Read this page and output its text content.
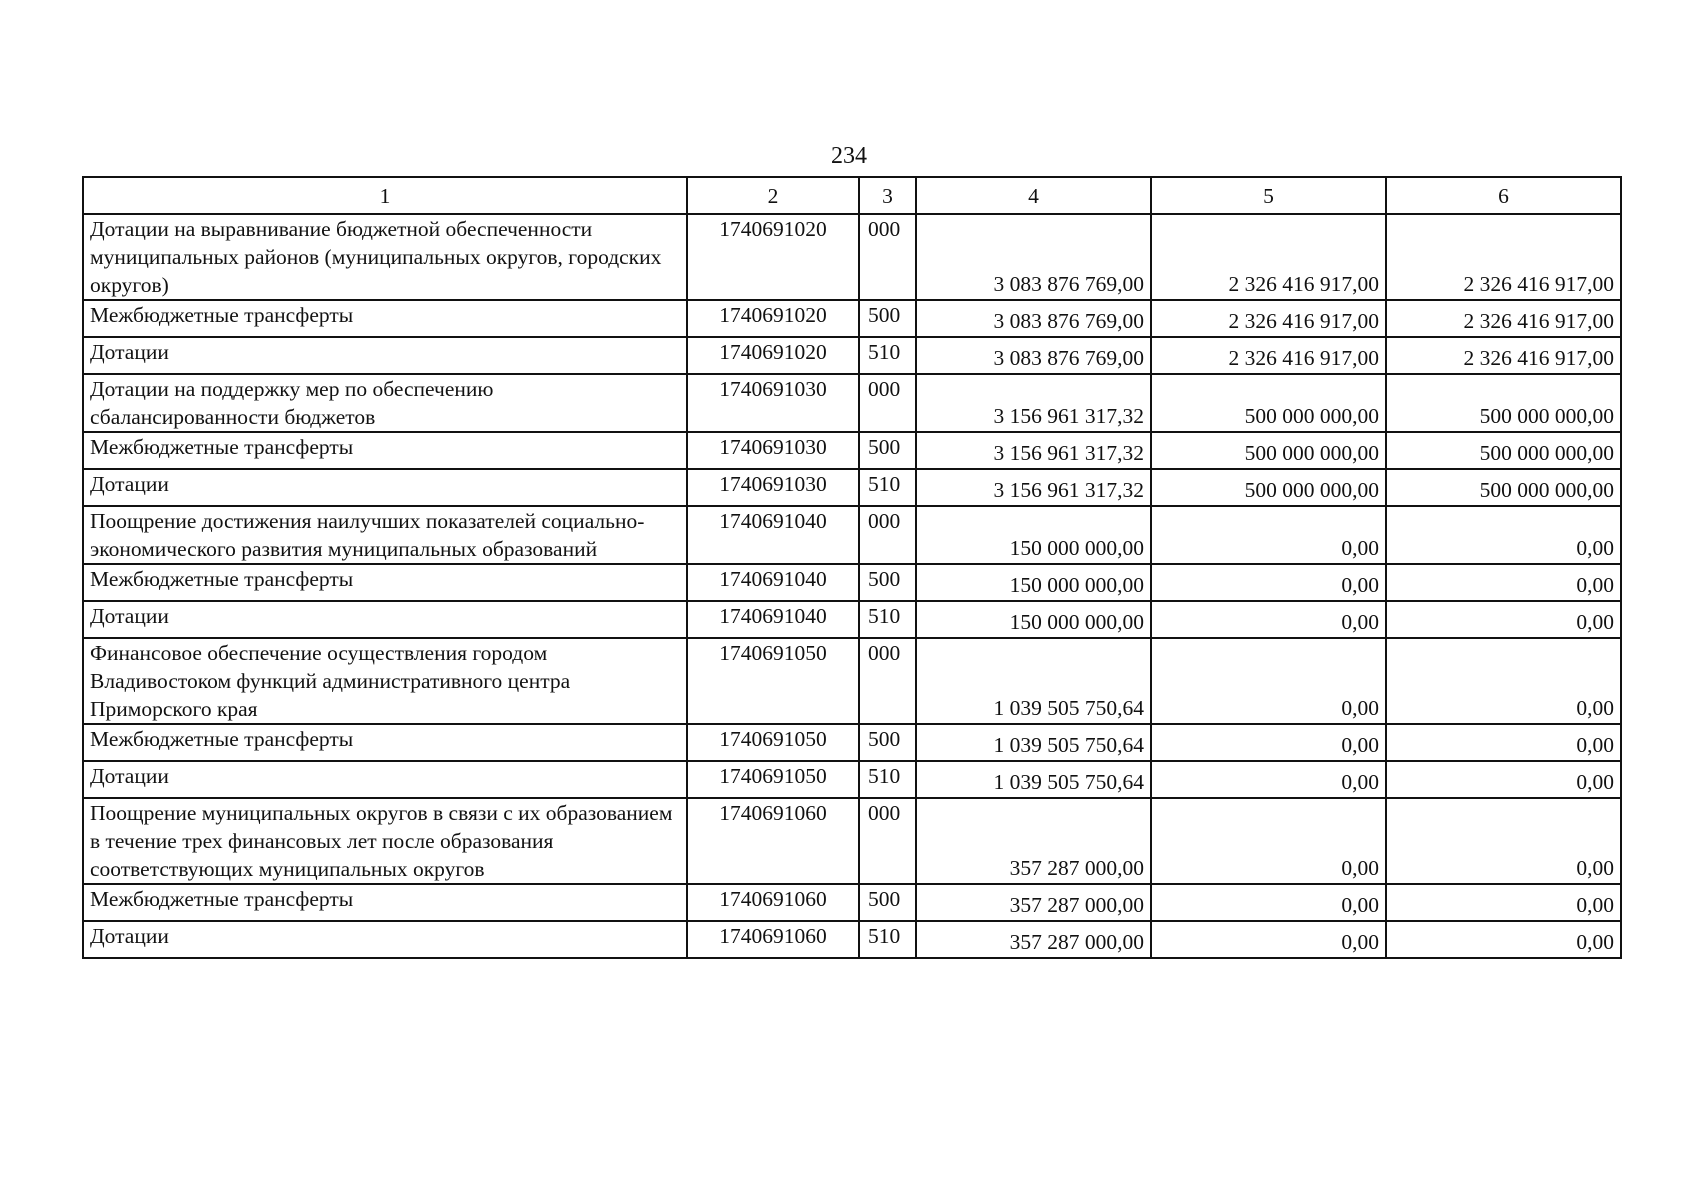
234
1	2	3	4	5	6
Дотации на выравнивание бюджетной обеспеченности муниципальных районов (муниципальных округов, городских округов)	1740691020	000	3 083 876 769,00	2 326 416 917,00	2 326 416 917,00
Межбюджетные трансферты	1740691020	500	3 083 876 769,00	2 326 416 917,00	2 326 416 917,00
Дотации	1740691020	510	3 083 876 769,00	2 326 416 917,00	2 326 416 917,00
Дотации на поддержку мер по обеспечению сбалансированности бюджетов	1740691030	000	3 156 961 317,32	500 000 000,00	500 000 000,00
Межбюджетные трансферты	1740691030	500	3 156 961 317,32	500 000 000,00	500 000 000,00
Дотации	1740691030	510	3 156 961 317,32	500 000 000,00	500 000 000,00
Поощрение достижения наилучших показателей социально-экономического развития муниципальных образований	1740691040	000	150 000 000,00	0,00	0,00
Межбюджетные трансферты	1740691040	500	150 000 000,00	0,00	0,00
Дотации	1740691040	510	150 000 000,00	0,00	0,00
Финансовое обеспечение осуществления городом Владивостоком функций административного центра Приморского края	1740691050	000	1 039 505 750,64	0,00	0,00
Межбюджетные трансферты	1740691050	500	1 039 505 750,64	0,00	0,00
Дотации	1740691050	510	1 039 505 750,64	0,00	0,00
Поощрение муниципальных округов в связи с их образованием в течение трех финансовых лет после образования соответствующих муниципальных округов	1740691060	000	357 287 000,00	0,00	0,00
Межбюджетные трансферты	1740691060	500	357 287 000,00	0,00	0,00
Дотации	1740691060	510	357 287 000,00	0,00	0,00
